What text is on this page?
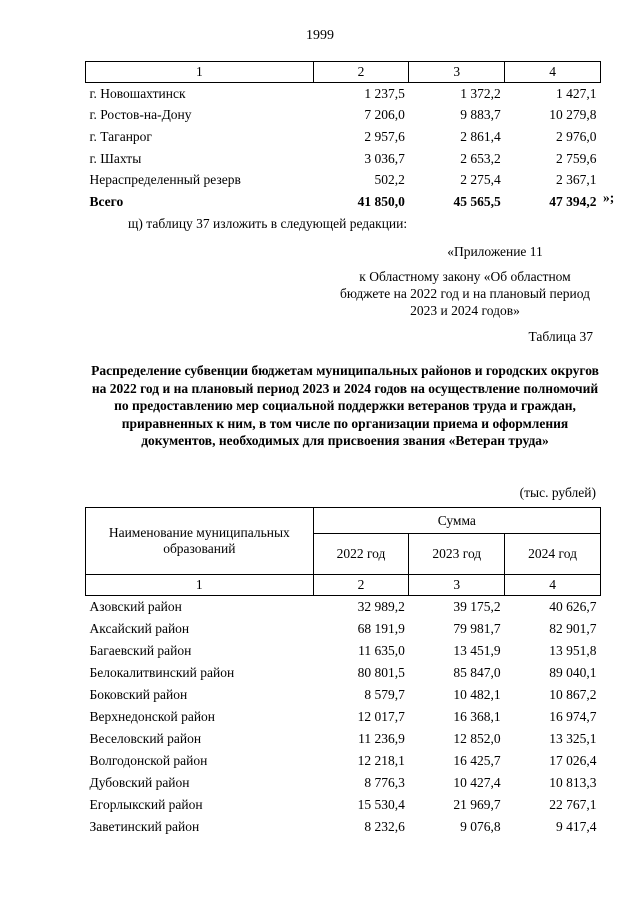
1999
1	2	3	4
г. Новошахтинск	1 237,5	1 372,2	1 427,1
г. Ростов-на-Дону	7 206,0	9 883,7	10 279,8
г. Таганрог	2 957,6	2 861,4	2 976,0
г. Шахты	3 036,7	2 653,2	2 759,6
Нераспределенный резерв	502,2	2 275,4	2 367,1
Всего	41 850,0	45 565,5	47 394,2 »;
щ) таблицу 37 изложить в следующей редакции:
«Приложение 11
к Областному закону «Об областном бюджете на 2022 год и на плановый период 2023 и 2024 годов»
Таблица 37
Распределение субвенции бюджетам муниципальных районов и городских округов на 2022 год и на плановый период 2023 и 2024 годов на осуществление полномочий по предоставлению мер социальной поддержки ветеранов труда и граждан, приравненных к ним, в том числе по организации приема и оформления документов, необходимых для присвоения звания «Ветеран труда»
(тыс. рублей)
Наименование муниципальных образований	Сумма		
	2022 год	2023 год	2024 год
1	2	3	4
Азовский район	32 989,2	39 175,2	40 626,7
Аксайский район	68 191,9	79 981,7	82 901,7
Багаевский район	11 635,0	13 451,9	13 951,8
Белокалитвинский район	80 801,5	85 847,0	89 040,1
Боковский район	8 579,7	10 482,1	10 867,2
Верхнедонской район	12 017,7	16 368,1	16 974,7
Веселовский район	11 236,9	12 852,0	13 325,1
Волгодонской район	12 218,1	16 425,7	17 026,4
Дубовский район	8 776,3	10 427,4	10 813,3
Егорлыкский район	15 530,4	21 969,7	22 767,1
Заветинский район	8 232,6	9 076,8	9 417,4
